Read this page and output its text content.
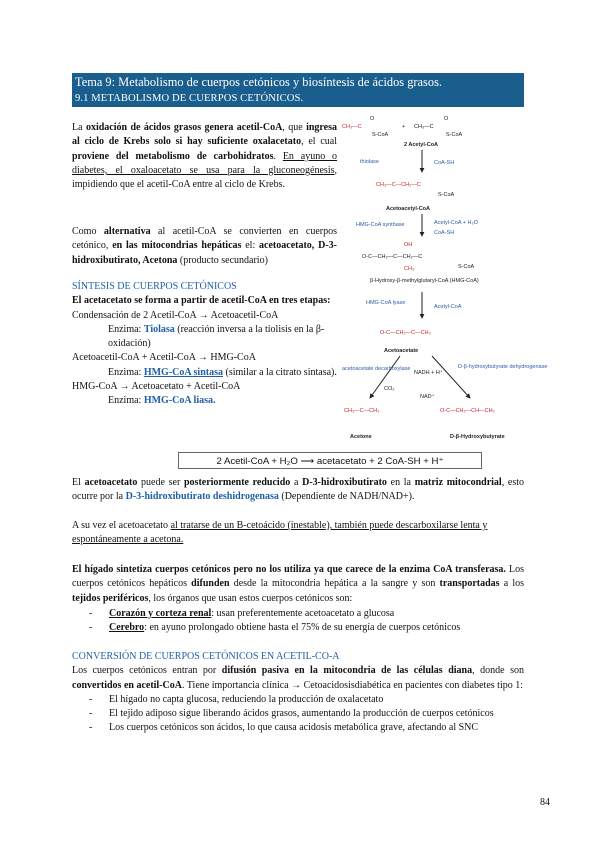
Tema 9: Metabolismo de cuerpos cetónicos y biosíntesis de ácidos grasos.
9.1 METABOLISMO DE CUERPOS CETÓNICOS.
La oxidación de ácidos grasos genera acetil-CoA, que ingresa al ciclo de Krebs solo si hay suficiente oxalacetato, el cual proviene del metabolismo de carbohidratos. En ayuno o diabetes, el oxaloacetato se usa para la gluconeogénesis, impidiendo que el acetil-CoA entre al ciclo de Krebs.
Como alternativa al acetil-CoA se convierten en cuerpos cetónico, en las mitocondrias hepáticas el: acetoacetato, D-3-hidroxibutirato, Acetona (producto secundario)

SÍNTESIS DE CUERPOS CETÓNICOS

El acetacetato se forma a partir de acetil-CoA en tres etapas:

Condensación de 2 Acetil-CoA → Acetoacetil-CoA

Enzima: Tiolasa (reacción inversa a la tiolisis en la β-oxidación)

Acetoacetil-CoA + Acetil-CoA → HMG-CoA

Enzima: HMG-CoA sintasa (similar a la citrato sintasa).

HMG-CoA → Acetoacetato + Acetil-CoA

Enzima: HMG-CoA liasa.

CH₃—C
O
S-CoA
+ CH₃—C
O
S-CoA
2 Acetyl-CoA
thiolase	CoA-SH
CH₃—C—CH₂—C
S-CoA
Acetoacetyl-CoA
HMG-CoA synthase	Acetyl-CoA + H₂O
CoA-SH
OH
O-C—CH₂—C—CH₂—C
CH₃	S-CoA
β-Hydroxy-β-methylglutaryl-CoA (HMG-CoA)
HMG-CoA lyase
Acetyl-CoA
O-C—CH₂—C—CH₃
Acetoacetate
acetoacetate decarboxylase
CO₂
NADH + H⁺
NAD⁺
D-β-hydroxybutyrate dehydrogenase
CH₃—C—CH₃	O-C—CH₂—CH—CH₃
Acetone	D-β-Hydroxybutyrate
2 Acetil-CoA + H₂O ⟶ acetacetato + 2 CoA-SH + H⁺
El acetoacetato puede ser posteriormente reducido a D-3-hidroxibutirato en la matriz mitocondrial, esto ocurre por la D-3-hidroxibutirato deshidrogenasa (Dependiente de NADH/NAD+).
A su vez el acetoacetato al tratarse de un B-cetoácido (inestable), también puede descarboxilarse lenta y espontáneamente a acetona.
El hígado sintetiza cuerpos cetónicos pero no los utiliza ya que carece de la enzima CoA transferasa. Los cuerpos cetónicos hepáticos difunden desde la mitocondria hepática a la sangre y son transportadas a los tejidos periféricos, los órganos que usan estos cuerpos cetónicos son:
- Corazón y corteza renal: usan preferentemente acetoacetato a glucosa
- Cerebro: en ayuno prolongado obtiene hasta el 75% de su energía de cuerpos cetónicos

CONVERSIÓN DE CUERPOS CETÓNICOS EN ACETIL-CO-A

Los cuerpos cetónicos entran por difusión pasiva en la mitocondria de las células diana, donde son convertidos en acetil-CoA. Tiene importancia clínica → Cetoacidosisdiabética en pacientes con diabetes tipo 1:

- El hígado no capta glucosa, reduciendo la producción de oxalacetato
- El tejido adiposo sigue liberando ácidos grasos, aumentando la producción de cuerpos cetónicos
- Los cuerpos cetónicos son ácidos, lo que causa acidosis metabólica grave, afectando al SNC
84
